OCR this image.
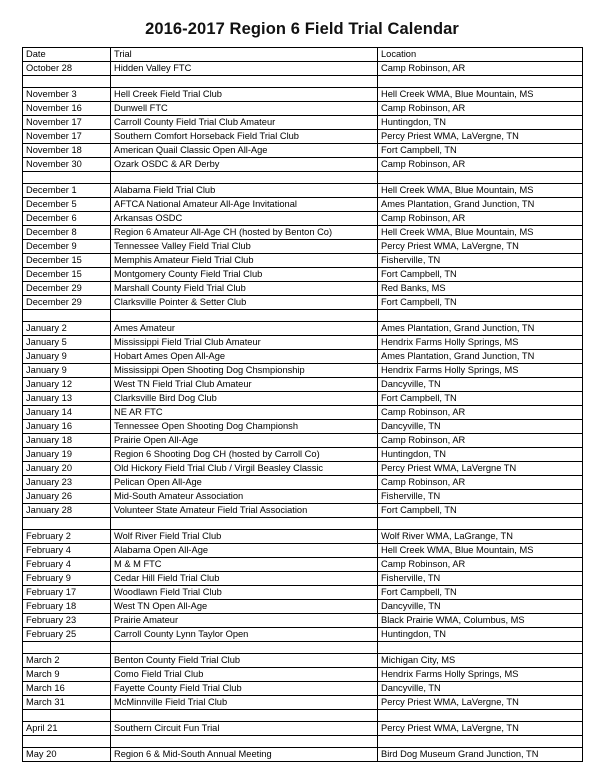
2016-2017 Region 6 Field Trial Calendar
Date	Trial	Location
October 28	Hidden Valley FTC	Camp Robinson, AR

November 3	Hell Creek Field Trial Club	Hell Creek WMA, Blue Mountain, MS
November 16	Dunwell FTC	Camp Robinson, AR
November 17	Carroll County Field Trial Club Amateur	Huntingdon, TN
November 17	Southern Comfort Horseback Field Trial Club	Percy Priest WMA, LaVergne, TN
November 18	American Quail Classic Open All-Age	Fort Campbell, TN
November 30	Ozark OSDC & AR Derby	Camp Robinson, AR

December 1	Alabama Field Trial Club	Hell Creek WMA, Blue Mountain, MS
December 5	AFTCA National Amateur All-Age Invitational	Ames Plantation, Grand Junction, TN
December 6	Arkansas OSDC	Camp Robinson, AR
December 8	Region 6 Amateur All-Age CH (hosted by Benton Co)	Hell Creek WMA, Blue Mountain, MS
December 9	Tennessee Valley Field Trial Club	Percy Priest WMA, LaVergne, TN
December 15	Memphis Amateur Field Trial Club	Fisherville, TN
December 15	Montgomery County Field Trial Club	Fort Campbell, TN
December 29	Marshall County Field Trial Club	Red Banks, MS
December 29	Clarksville Pointer & Setter Club	Fort Campbell, TN

January 2	Ames Amateur	Ames Plantation, Grand Junction, TN
January 5	Mississippi Field Trial Club Amateur	Hendrix Farms Holly Springs, MS
January 9	Hobart Ames Open All-Age	Ames Plantation, Grand Junction, TN
January 9	Mississippi Open Shooting Dog Chsmpionship	Hendrix Farms Holly Springs, MS
January 12	West TN Field Trial Club Amateur	Dancyville, TN
January 13	Clarksville Bird Dog Club	Fort Campbell, TN
January 14	NE AR FTC	Camp Robinson, AR
January 16	Tennessee Open Shooting Dog Championsh	Dancyville, TN
January 18	Prairie Open All-Age	Camp Robinson, AR
January 19	Region 6 Shooting Dog CH (hosted by Carroll Co)	Huntingdon, TN
January 20	Old Hickory Field Trial Club / Virgil Beasley Classic	Percy Priest WMA, LaVergne TN
January 23	Pelican Open All-Age	Camp Robinson, AR
January 26	Mid-South Amateur Association	Fisherville, TN
January 28	Volunteer State Amateur Field Trial Association	Fort Campbell, TN

February 2	Wolf River Field Trial Club	Wolf River WMA, LaGrange, TN
February 4	Alabama Open All-Age	Hell Creek WMA, Blue Mountain, MS
February 4	M & M FTC	Camp Robinson, AR
February 9	Cedar Hill Field Trial Club	Fisherville, TN
February 17	Woodlawn Field Trial Club	Fort Campbell, TN
February 18	West TN Open All-Age	Dancyville, TN
February 23	Prairie Amateur	Black Prairie WMA, Columbus, MS
February 25	Carroll County Lynn Taylor Open	Huntingdon, TN

March 2	Benton County Field Trial Club	Michigan City, MS
March 9	Como Field Trial Club	Hendrix Farms Holly Springs, MS
March 16	Fayette County Field Trial Club	Dancyville, TN
March 31	McMinnville Field Trial Club	Percy Priest WMA, LaVergne, TN

April 21	Southern Circuit Fun Trial	Percy Priest WMA, LaVergne, TN

May 20	Region 6 & Mid-South Annual Meeting	Bird Dog Museum Grand Junction, TN
